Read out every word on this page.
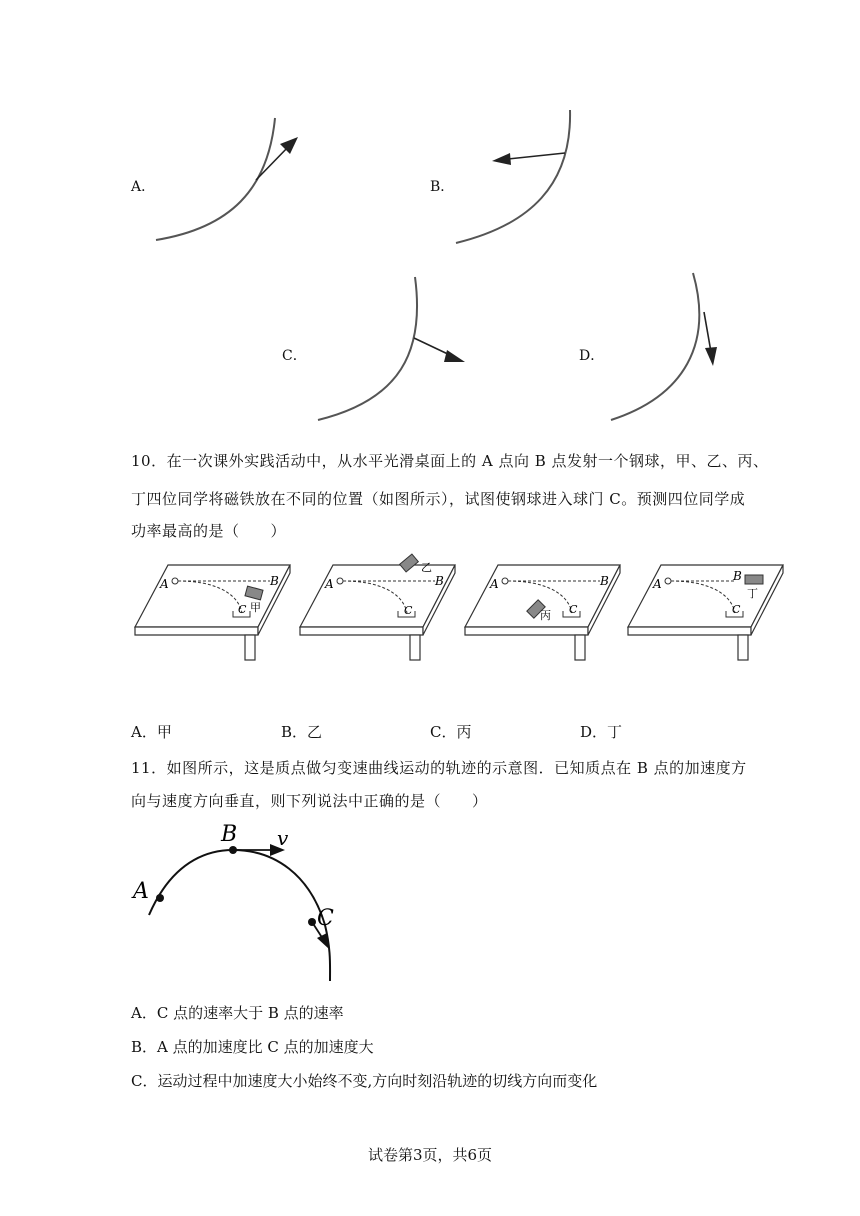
A．	B．
C．	D．
10．在一次课外实践活动中，从水平光滑桌面上的 A 点向 B 点发射一个钢球，甲、乙、丙、
丁四位同学将磁铁放在不同的位置（如图所示），试图使钢球进入球门 C。预测四位同学成
功率最高的是（　　）
A	B
C 甲
A	B
C
乙
A	B
C
丙
A
B
C
丁
A．甲	B．乙	C．丙	D．丁
11．如图所示，这是质点做匀变速曲线运动的轨迹的示意图．已知质点在 B 点的加速度方
向与速度方向垂直，则下列说法中正确的是（　　）
A
B
C
v
A．C 点的速率大于 B 点的速率
B．A 点的加速度比 C 点的加速度大
C．运动过程中加速度大小始终不变,方向时刻沿轨迹的切线方向而变化
试卷第3页，共6页
